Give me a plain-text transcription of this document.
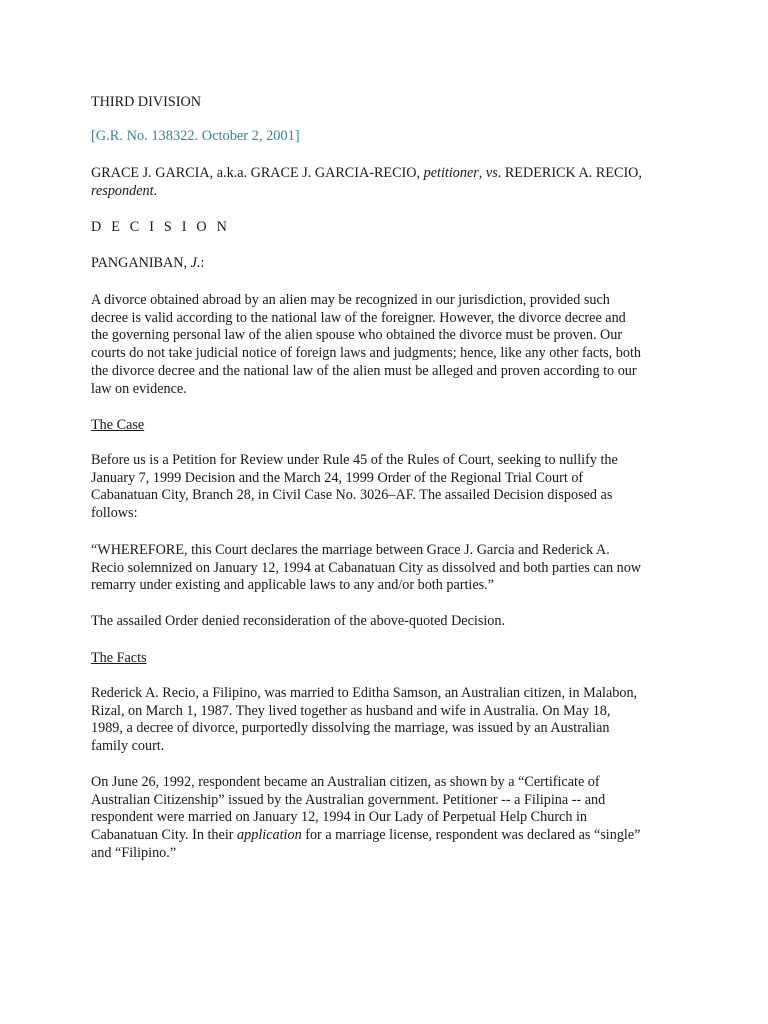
THIRD DIVISION

[G.R. No. 138322. October 2, 2001]

GRACE J. GARCIA, a.k.a. GRACE J. GARCIA-RECIO, petitioner, vs. REDERICK A. RECIO,
respondent.

D E C I S I O N

PANGANIBAN, J.:

A divorce obtained abroad by an alien may be recognized in our jurisdiction, provided such
decree is valid according to the national law of the foreigner. However, the divorce decree and
the governing personal law of the alien spouse who obtained the divorce must be proven. Our
courts do not take judicial notice of foreign laws and judgments; hence, like any other facts, both
the divorce decree and the national law of the alien must be alleged and proven according to our
law on evidence.

The Case

Before us is a Petition for Review under Rule 45 of the Rules of Court, seeking to nullify the
January 7, 1999 Decision and the March 24, 1999 Order of the Regional Trial Court of
Cabanatuan City, Branch 28, in Civil Case No. 3026–AF. The assailed Decision disposed as
follows:

“WHEREFORE, this Court declares the marriage between Grace J. Garcia and Rederick A.
Recio solemnized on January 12, 1994 at Cabanatuan City as dissolved and both parties can now
remarry under existing and applicable laws to any and/or both parties.”

The assailed Order denied reconsideration of the above-quoted Decision.

The Facts

Rederick A. Recio, a Filipino, was married to Editha Samson, an Australian citizen, in Malabon,
Rizal, on March 1, 1987. They lived together as husband and wife in Australia. On May 18,
1989, a decree of divorce, purportedly dissolving the marriage, was issued by an Australian
family court.

On June 26, 1992, respondent became an Australian citizen, as shown by a “Certificate of
Australian Citizenship” issued by the Australian government. Petitioner -- a Filipina -- and
respondent were married on January 12, 1994 in Our Lady of Perpetual Help Church in
Cabanatuan City. In their application for a marriage license, respondent was declared as “single”
and “Filipino.”
